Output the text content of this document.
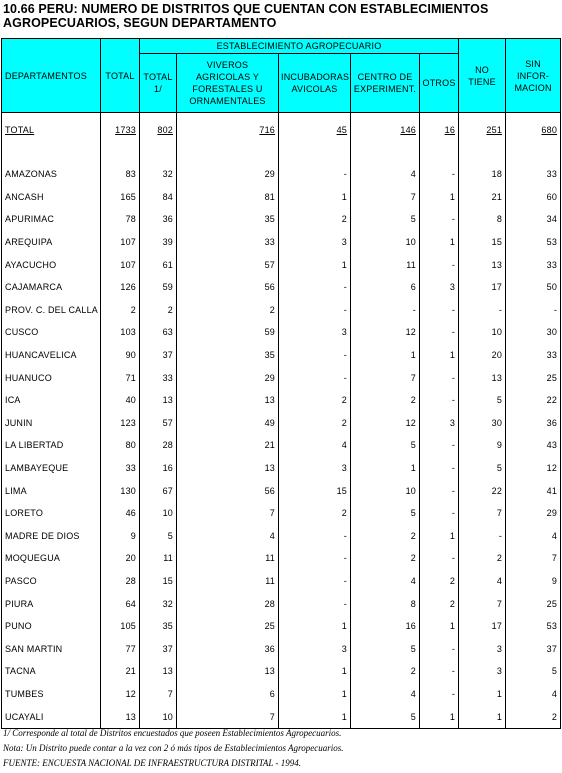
10.66 PERU: NUMERO DE DISTRITOS QUE CUENTAN CON ESTABLECIMIENTOS
AGROPECUARIOS, SEGUN DEPARTAMENTO
DEPARTAMENTOS	TOTAL	ESTABLECIMIENTO AGROPECUARIO					NO TIENE	SIN INFOR-MACION
		TOTAL 1/	VIVEROS AGRICOLAS Y FORESTALES U ORNAMENTALES	INCUBADORAS AVICOLAS	CENTRO DE EXPERIMENT.	OTROS		
TOTAL	1733	802	716	45	146	16	251	680

AMAZONAS	83	32	29	-	4	-	18	33
ANCASH	165	84	81	1	7	1	21	60
APURIMAC	78	36	35	2	5	-	8	34
AREQUIPA	107	39	33	3	10	1	15	53
AYACUCHO	107	61	57	1	11	-	13	33
CAJAMARCA	126	59	56	-	6	3	17	50
PROV. C. DEL CALLA	2	2	2	-	-	-	-	-
CUSCO	103	63	59	3	12	-	10	30
HUANCAVELICA	90	37	35	-	1	1	20	33
HUANUCO	71	33	29	-	7	-	13	25
ICA	40	13	13	2	2	-	5	22
JUNIN	123	57	49	2	12	3	30	36
LA LIBERTAD	80	28	21	4	5	-	9	43
LAMBAYEQUE	33	16	13	3	1	-	5	12
LIMA	130	67	56	15	10	-	22	41
LORETO	46	10	7	2	5	-	7	29
MADRE DE DIOS	9	5	4	-	2	1	-	4
MOQUEGUA	20	11	11	-	2	-	2	7
PASCO	28	15	11	-	4	2	4	9
PIURA	64	32	28	-	8	2	7	25
PUNO	105	35	25	1	16	1	17	53
SAN MARTIN	77	37	36	3	5	-	3	37
TACNA	21	13	13	1	2	-	3	5
TUMBES	12	7	6	1	4	-	1	4
UCAYALI	13	10	7	1	5	1	1	2
1/ Corresponde al total de Distritos encuestados que poseen Establecimientos Agropecuarios.
Nota: Un Distrito puede contar a la vez con 2 ó más tipos de Establecimientos Agropecuarios.
FUENTE: ENCUESTA NACIONAL DE INFRAESTRUCTURA DISTRITAL - 1994.
